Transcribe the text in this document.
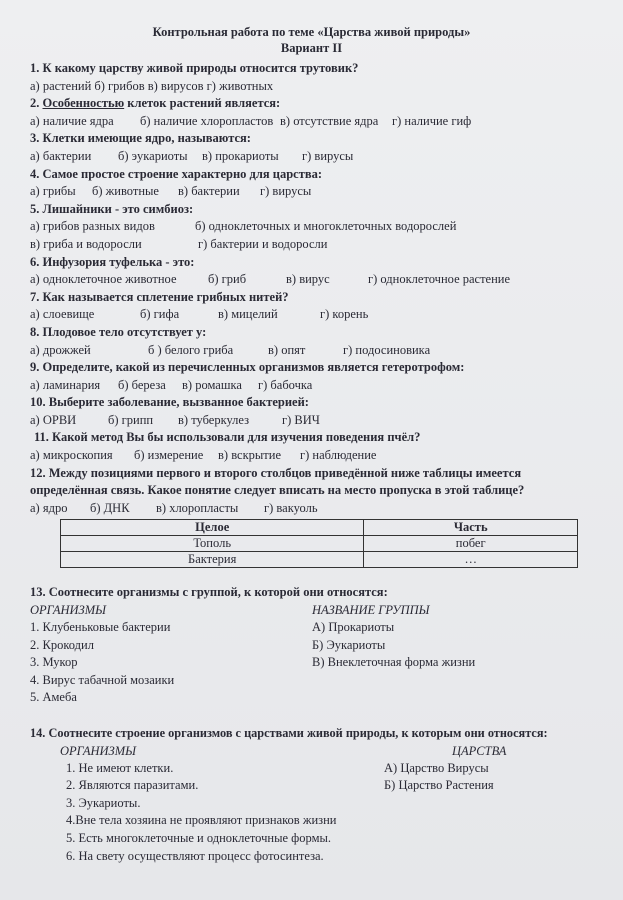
Контрольная работа по теме «Царства живой природы»
Вариант II
1. К какому царству живой природы относится трутовик?
а) растений б) грибов в) вирусов г) животных
2. Особенностью клеток растений является:
а) наличие ядра б) наличие хлоропластов в) отсутствие ядра г) наличие гиф
3. Клетки имеющие ядро, называются:
а) бактерии б) эукариоты в) прокариоты г) вирусы
4. Самое простое строение характерно для царства:
а) грибы б) животные в) бактерии г) вирусы
5. Лишайники - это симбиоз:
а) грибов разных видов	б) одноклеточных и многоклеточных водорослей
в) гриба и водоросли	г) бактерии и водоросли
6. Инфузория туфелька - это:
а) одноклеточное животное	б) гриб	в) вирус	г) одноклеточное растение
7. Как называется сплетение грибных нитей?
а) слоевище	б) гифа	в) мицелий	г) корень
8. Плодовое тело отсутствует у:
а) дрожжей	б ) белого гриба	в) опят	г) подосиновика
9. Определите, какой из перечисленных организмов является гетеротрофом:
а) ламинария б) береза в) ромашка г) бабочка
10. Выберите заболевание, вызванное бактерией:
а) ОРВИ	б) грипп в) туберкулез	г) ВИЧ
11. Какой метод Вы бы использовали для изучения поведения пчёл?
а) микроскопия б) измерение в) вскрытие г) наблюдение
12. Между позициями первого и второго столбцов приведённой ниже таблицы имеется
определённая связь. Какое понятие следует вписать на место пропуска в этой таблице?
а) ядро б) ДНК в) хлоропласты г) вакуоль
Целое	Часть
Тополь	побег
Бактерия	…
13. Соотнесите организмы с группой, к которой они относятся:
ОРГАНИЗМЫ	НАЗВАНИЕ ГРУППЫ
1. Клубеньковые бактерии	А) Прокариоты
2. Крокодил	Б) Эукариоты
3. Мукор	В) Внеклеточная форма жизни
4. Вирус табачной мозаики
5. Амеба
14. Соотнесите строение организмов с царствами живой природы, к которым они относятся:
ОРГАНИЗМЫ	ЦАРСТВА
1. Не имеют клетки.	А) Царство Вирусы
2. Являются паразитами.	Б) Царство Растения
3. Эукариоты.
4.Вне тела хозяина не проявляют признаков жизни
5. Есть многоклеточные и одноклеточные формы.
6. На свету осуществляют процесс фотосинтеза.
